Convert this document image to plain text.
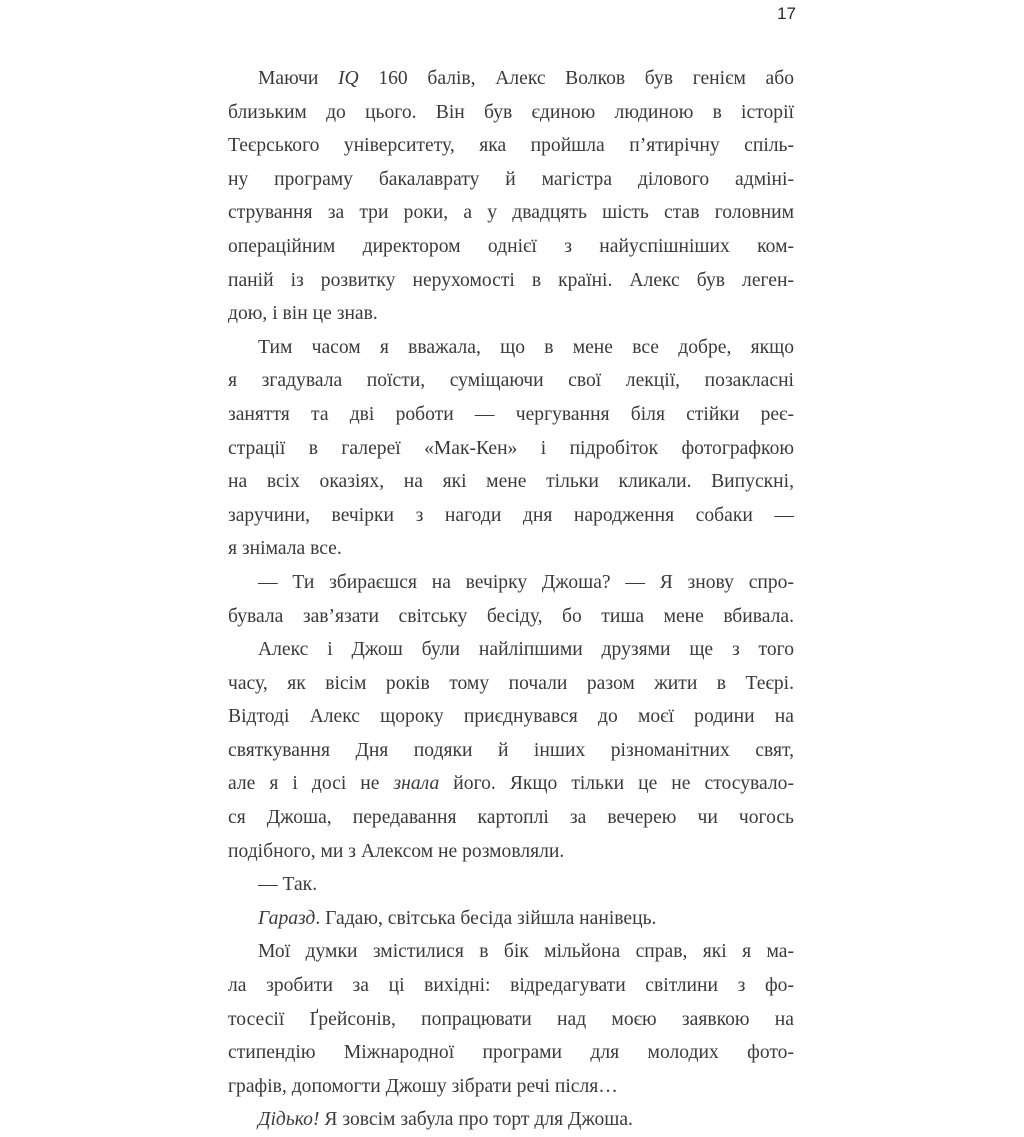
17
Маючи IQ 160 балів, Алекс Волков був генієм або
близьким до цього. Він був єдиною людиною в історії
Теєрського університету, яка пройшла п’ятирічну спіль-
ну програму бакалаврату й магістра ділового адміні-
стрування за три роки, а у двадцять шість став головним
операційним директором однієї з найуспішніших ком-
паній із розвитку нерухомості в країні. Алекс був леген-
дою, і він це знав.
Тим часом я вважала, що в мене все добре, якщо
я згадувала поїсти, суміщаючи свої лекції, позакласні
заняття та дві роботи — чергування біля стійки реє-
страції в галереї «Мак-Кен» і підробіток фотографкою
на всіх оказіях, на які мене тільки кликали. Випускні,
заручини, вечірки з нагоди дня народження собаки —
я знімала все.
— Ти збираєшся на вечірку Джоша? — Я знову спро-
бувала зав’язати світську бесіду, бо тиша мене вбивала.
Алекс і Джош були найліпшими друзями ще з того
часу, як вісім років тому почали разом жити в Теєрі.
Відтоді Алекс щороку приєднувався до моєї родини на
святкування Дня подяки й інших різноманітних свят,
але я і досі не знала його. Якщо тільки це не стосувало-
ся Джоша, передавання картоплі за вечерею чи чогось
подібного, ми з Алексом не розмовляли.
— Так.
Гаразд. Гадаю, світська бесіда зійшла нанівець.
Мої думки змістилися в бік мільйона справ, які я ма-
ла зробити за ці вихідні: відредагувати світлини з фо-
тосесії Ґрейсонів, попрацювати над моєю заявкою на
стипендію Міжнародної програми для молодих фото-
графів, допомогти Джошу зібрати речі після…
Дідько! Я зовсім забула про торт для Джоша.
